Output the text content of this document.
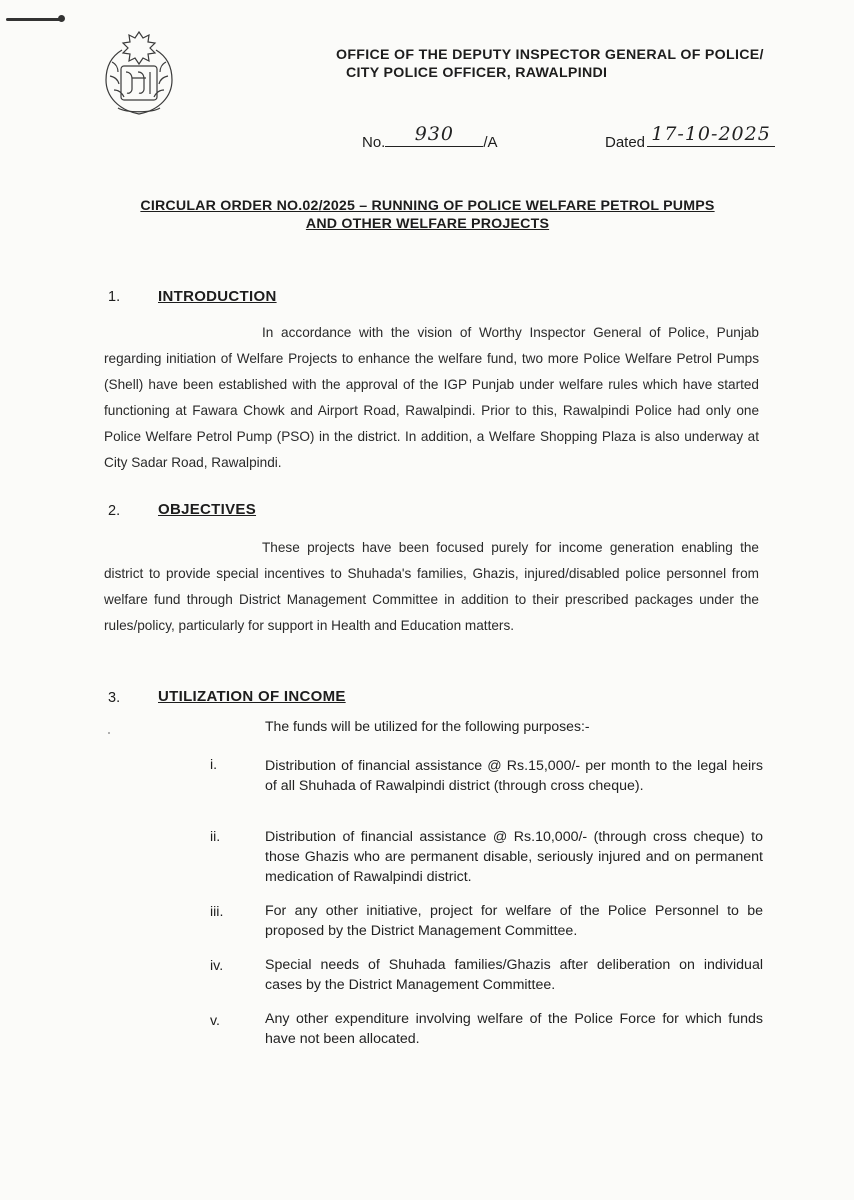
OFFICE OF THE DEPUTY INSPECTOR GENERAL OF POLICE/
CITY POLICE OFFICER, RAWALPINDI
No.	930	/A	Dated 17-10-2025
CIRCULAR ORDER NO.02/2025 – RUNNING OF POLICE WELFARE PETROL PUMPS
AND OTHER WELFARE PROJECTS
1.	INTRODUCTION
In accordance with the vision of Worthy Inspector General of Police, Punjab regarding initiation of Welfare Projects to enhance the welfare fund, two more Police Welfare Petrol Pumps (Shell) have been established with the approval of the IGP Punjab under welfare rules which have started functioning at Fawara Chowk and Airport Road, Rawalpindi. Prior to this, Rawalpindi Police had only one Police Welfare Petrol Pump (PSO) in the district. In addition, a Welfare Shopping Plaza is also underway at City Sadar Road, Rawalpindi.
2.	OBJECTIVES
These projects have been focused purely for income generation enabling the district to provide special incentives to Shuhada's families, Ghazis, injured/disabled police personnel from welfare fund through District Management Committee in addition to their prescribed packages under the rules/policy, particularly for support in Health and Education matters.
3.	UTILIZATION OF INCOME
The funds will be utilized for the following purposes:-
i.	Distribution of financial assistance @ Rs.15,000/- per month to the legal heirs of all Shuhada of Rawalpindi district (through cross cheque).
ii.	Distribution of financial assistance @ Rs.10,000/- (through cross cheque) to those Ghazis who are permanent disable, seriously injured and on permanent medication of Rawalpindi district.
iii.	For any other initiative, project for welfare of the Police Personnel to be proposed by the District Management Committee.
iv.	Special needs of Shuhada families/Ghazis after deliberation on individual cases by the District Management Committee.
v.	Any other expenditure involving welfare of the Police Force for which funds have not been allocated.
